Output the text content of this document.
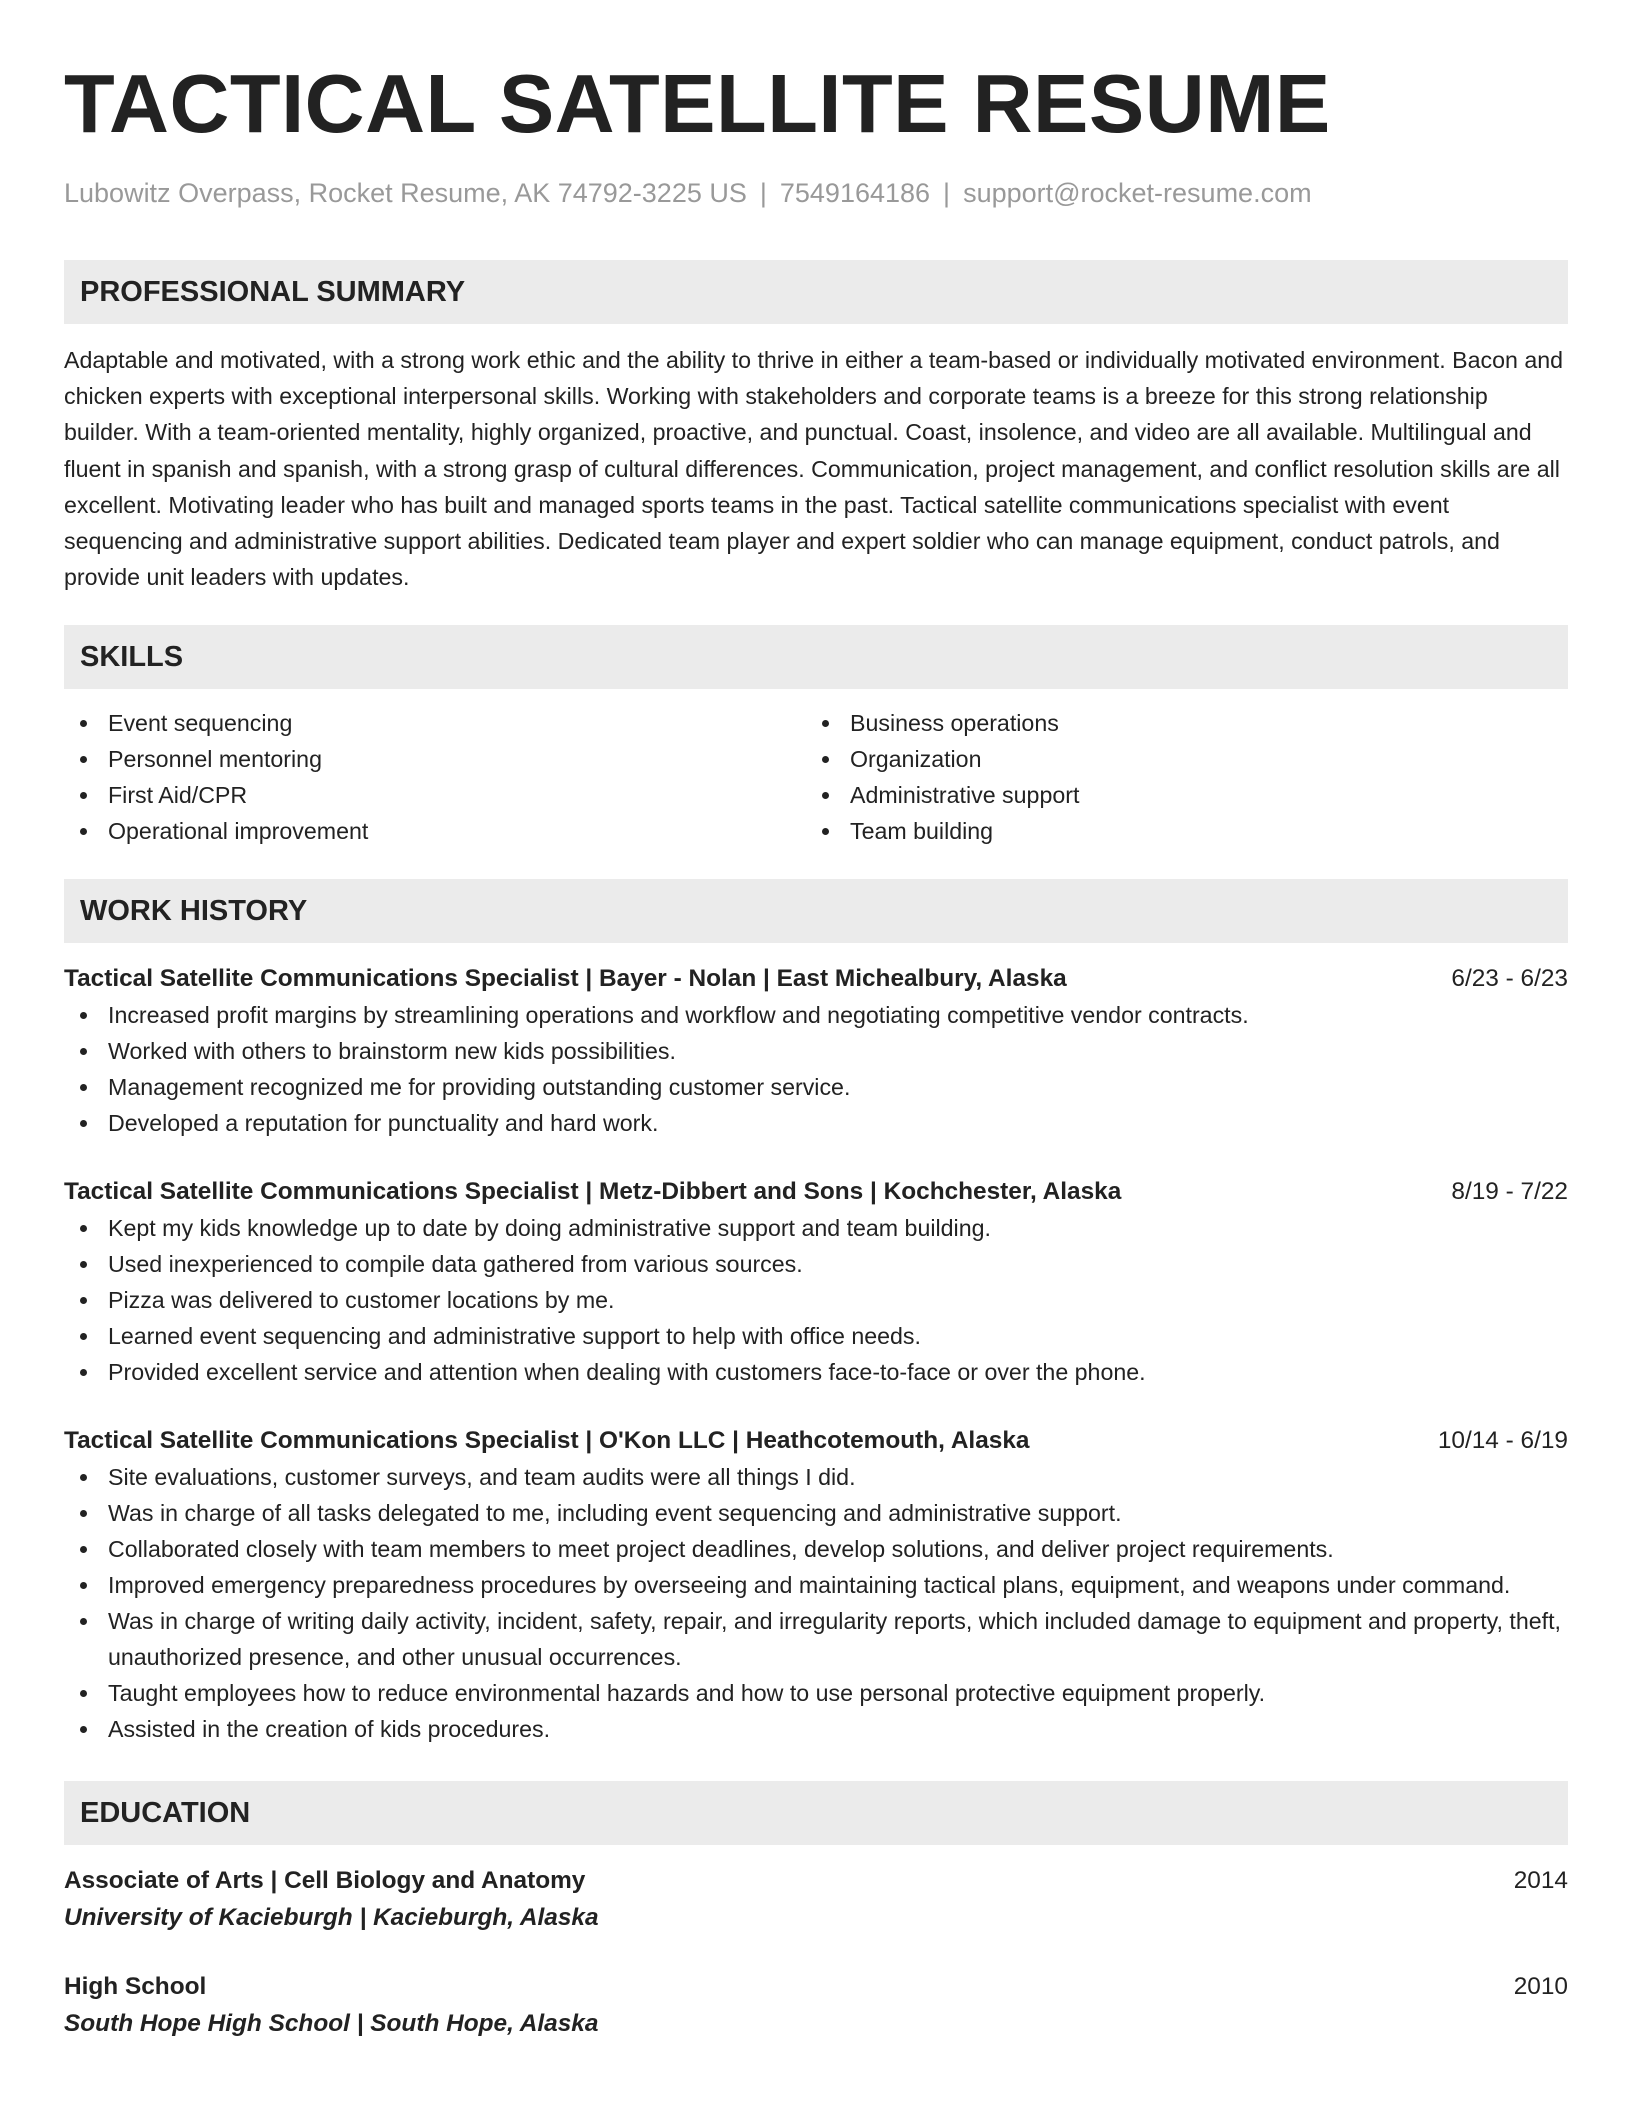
TACTICAL SATELLITE RESUME
Lubowitz Overpass, Rocket Resume, AK 74792-3225 US | 7549164186 | support@rocket-resume.com
PROFESSIONAL SUMMARY
Adaptable and motivated, with a strong work ethic and the ability to thrive in either a team-based or individually motivated environment. Bacon and chicken experts with exceptional interpersonal skills. Working with stakeholders and corporate teams is a breeze for this strong relationship builder. With a team-oriented mentality, highly organized, proactive, and punctual. Coast, insolence, and video are all available. Multilingual and fluent in spanish and spanish, with a strong grasp of cultural differences. Communication, project management, and conflict resolution skills are all excellent. Motivating leader who has built and managed sports teams in the past. Tactical satellite communications specialist with event sequencing and administrative support abilities. Dedicated team player and expert soldier who can manage equipment, conduct patrols, and provide unit leaders with updates.
SKILLS
Event sequencing
Personnel mentoring
First Aid/CPR
Operational improvement
Business operations
Organization
Administrative support
Team building
WORK HISTORY
Tactical Satellite Communications Specialist | Bayer - Nolan | East Michealbury, Alaska	6/23 - 6/23
Increased profit margins by streamlining operations and workflow and negotiating competitive vendor contracts.
Worked with others to brainstorm new kids possibilities.
Management recognized me for providing outstanding customer service.
Developed a reputation for punctuality and hard work.
Tactical Satellite Communications Specialist | Metz-Dibbert and Sons | Kochchester, Alaska	8/19 - 7/22
Kept my kids knowledge up to date by doing administrative support and team building.
Used inexperienced to compile data gathered from various sources.
Pizza was delivered to customer locations by me.
Learned event sequencing and administrative support to help with office needs.
Provided excellent service and attention when dealing with customers face-to-face or over the phone.
Tactical Satellite Communications Specialist | O'Kon LLC | Heathcotemouth, Alaska	10/14 - 6/19
Site evaluations, customer surveys, and team audits were all things I did.
Was in charge of all tasks delegated to me, including event sequencing and administrative support.
Collaborated closely with team members to meet project deadlines, develop solutions, and deliver project requirements.
Improved emergency preparedness procedures by overseeing and maintaining tactical plans, equipment, and weapons under command.
Was in charge of writing daily activity, incident, safety, repair, and irregularity reports, which included damage to equipment and property, theft, unauthorized presence, and other unusual occurrences.
Taught employees how to reduce environmental hazards and how to use personal protective equipment properly.
Assisted in the creation of kids procedures.
EDUCATION
Associate of Arts | Cell Biology and Anatomy	2014
University of Kacieburgh | Kacieburgh, Alaska
High School	2010
South Hope High School | South Hope, Alaska
